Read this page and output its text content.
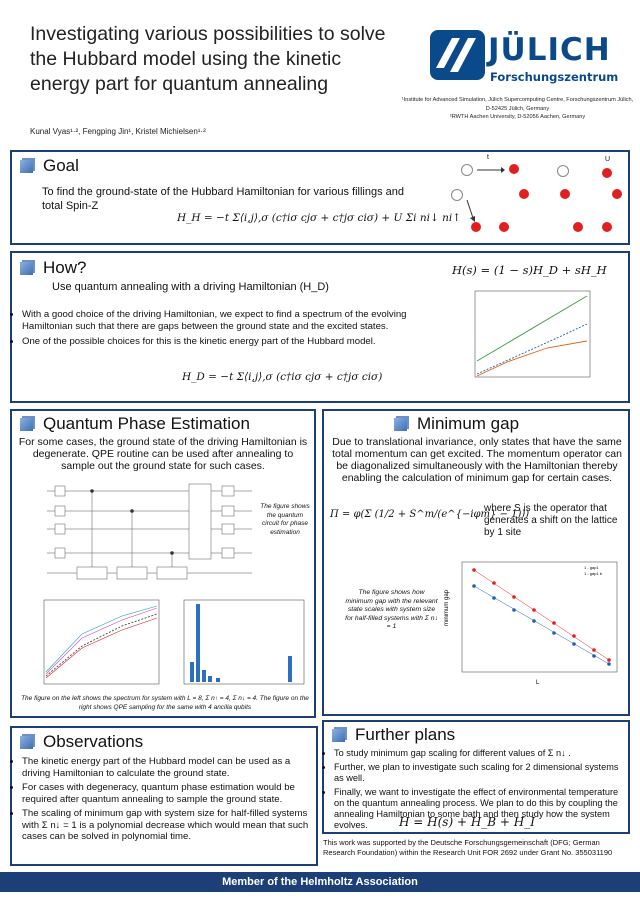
Investigating various possibilities to solve the Hubbard model using the kinetic energy part for quantum annealing
Kunal Vyas¹·², Fengping Jin¹, Kristel Michielsen¹·²
JÜLICH
Forschungszentrum
¹Institute for Advanced Simulation, Jülich Supercomputing Centre, Forschungszentrum Jülich, D-52425 Jülich, Germany
²RWTH Aachen University, D-52056 Aachen, Germany
Goal
To find the ground-state of the Hubbard Hamiltonian for various fillings and total Spin-Z
H_H = −t Σ⟨i,j⟩,σ (c†iσ cjσ + c†jσ ciσ) + U Σi ni↓ ni↑
t	U
How?
Use quantum annealing with a driving Hamiltonian (H_D)
H(s) = (1 − s)H_D + sH_H
• With a good choice of the driving Hamiltonian, we expect to find a spectrum of the evolving Hamiltonian such that there are gaps between the ground state and the excited states.
• One of the possible choices for this is the kinetic energy part of the Hubbard model.
H_D = −t Σ⟨i,j⟩,σ (c†iσ cjσ + c†jσ ciσ)
Quantum Phase Estimation
For some cases, the ground state of the driving Hamiltonian is degenerate. QPE routine can be used after annealing to sample out the ground state for such cases.
The figure shows the quantum circuit for phase estimation
The figure on the left shows the spectrum for system with L = 8, Σ n↑ = 4, Σ n↓ = 4. The figure on the right shows QPE sampling for the same with 4 ancilla qubits
Minimum gap
Due to translational invariance, only states that have the same total momentum can get excited. The momentum operator can be diagonalized simultaneously with the Hamiltonian thereby enabling the calculation of minimum gap for certain cases.
Π = φ(Σ (1/2 + S^m/(e^{−iφm} − 1)))
where S is the operator that generates a shift on the lattice by 1 site
The figure shows how minimum gap with the relevant state scales with system size for half-filled systems with Σ n↓ = 1
minimum gap
L
1 - gap1
1 - gap1 b
Observations
• The kinetic energy part of the Hubbard model can be used as a driving Hamiltonian to calculate the ground state.
• For cases with degeneracy, quantum phase estimation would be required after quantum annealing to sample the ground state.
• The scaling of minimum gap with system size for half-filled systems with Σ n↓ = 1 is a polynomial decrease which would mean that such cases can be solved in polynomial time.
Further plans
• To study minimum gap scaling for different values of Σ n↓ .
• Further, we plan to investigate such scaling for 2 dimensional systems as well.
• Finally, we want to investigate the effect of environmental temperature on the quantum annealing process. We plan to do this by coupling the annealing Hamiltonian to some bath and then study how the system evolves.	H = H(s) + H_B + H_I
This work was supported by the Deutsche Forschungsgemeinschaft (DFG; German Research Foundation) within the Research Unit FOR 2692 under Grant No. 355031190
Member of the Helmholtz Association
